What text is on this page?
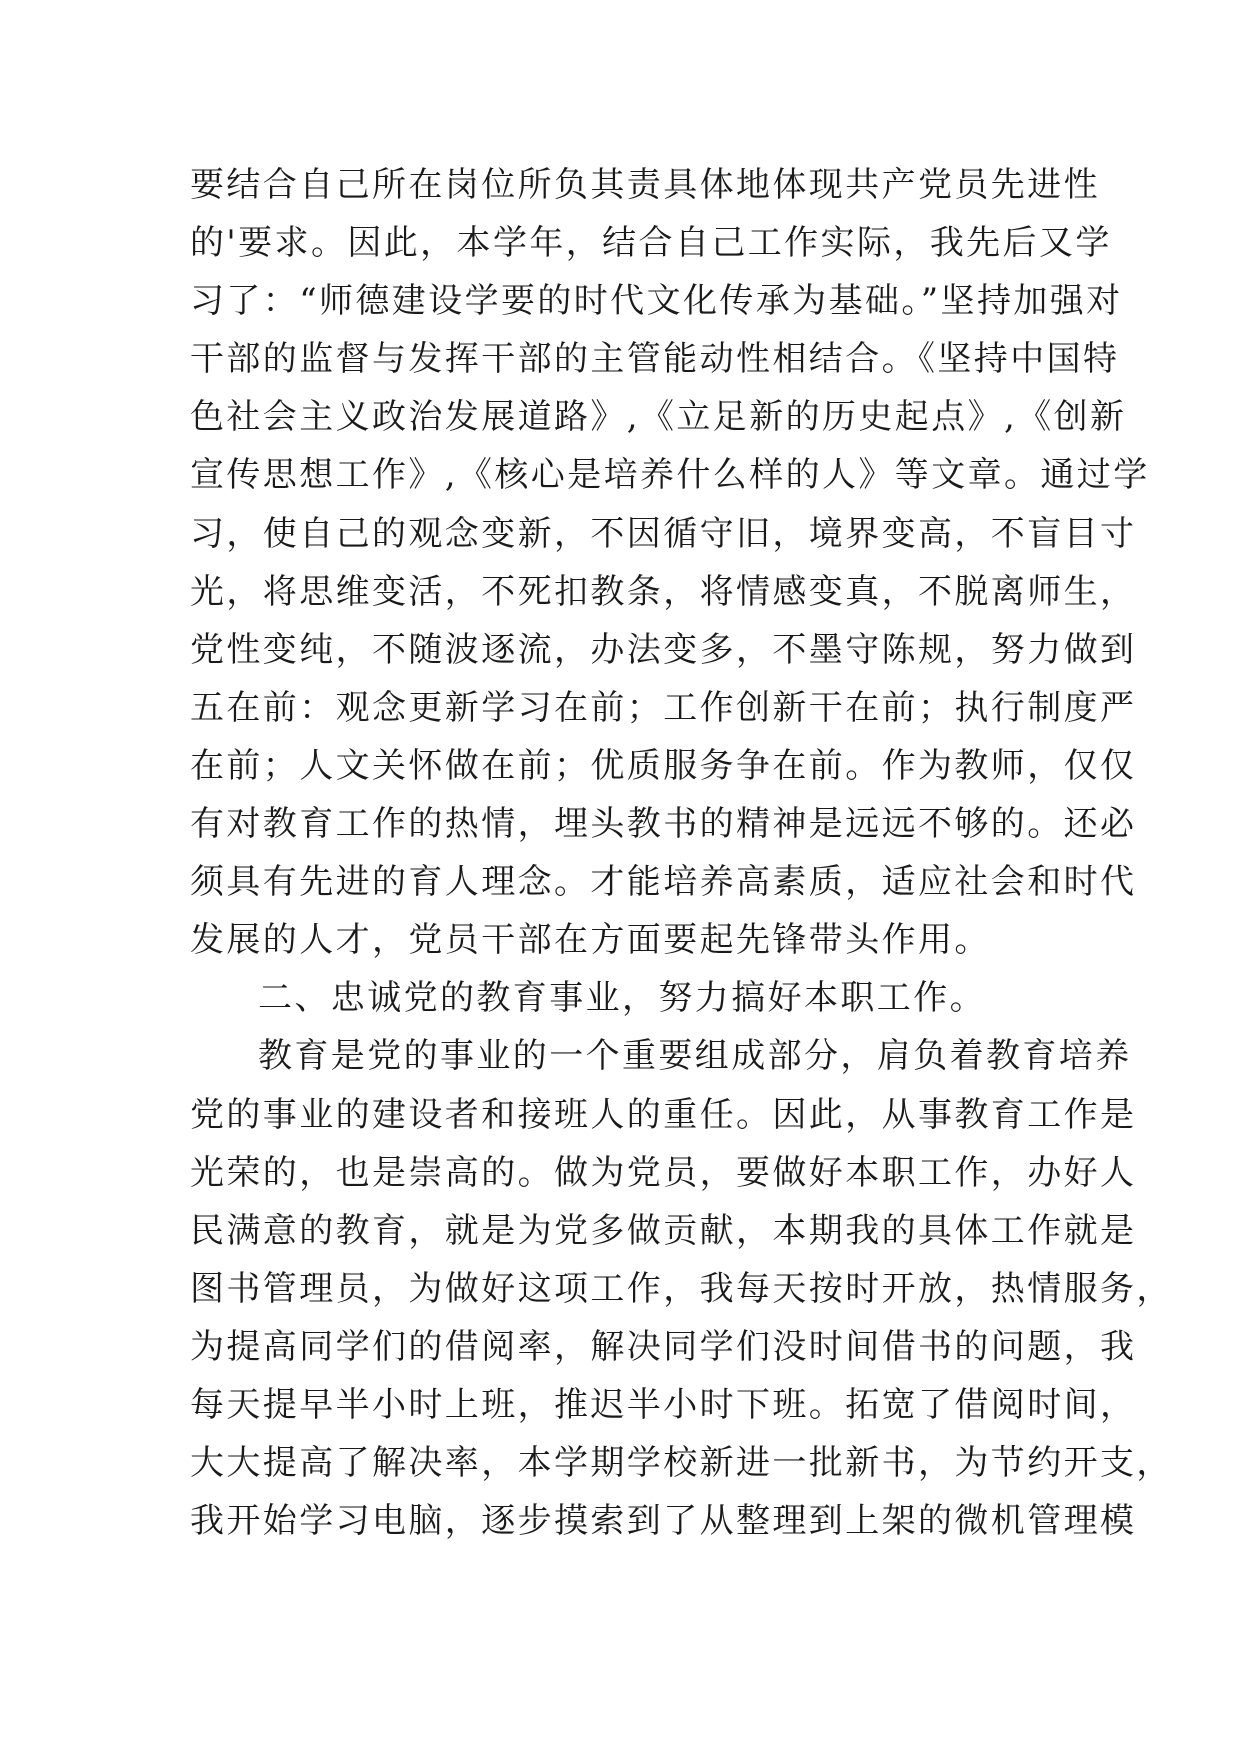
要结合自己所在岗位所负其责具体地体现共产党员先进性
的'要求。因此，本学年，结合自己工作实际，我先后又学
习了：“师德建设学要的时代文化传承为基础。”坚持加强对
干部的监督与发挥干部的主管能动性相结合。《坚持中国特
色社会主义政治发展道路》,《立足新的历史起点》,《创新
宣传思想工作》,《核心是培养什么样的人》等文章。通过学
习，使自己的观念变新，不因循守旧，境界变高，不盲目寸
光，将思维变活，不死扣教条，将情感变真，不脱离师生，
党性变纯，不随波逐流，办法变多，不墨守陈规，努力做到
五在前：观念更新学习在前；工作创新干在前；执行制度严
在前；人文关怀做在前；优质服务争在前。作为教师，仅仅
有对教育工作的热情，埋头教书的精神是远远不够的。还必
须具有先进的育人理念。才能培养高素质，适应社会和时代
发展的人才，党员干部在方面要起先锋带头作用。
二、忠诚党的教育事业，努力搞好本职工作。
教育是党的事业的一个重要组成部分，肩负着教育培养
党的事业的建设者和接班人的重任。因此，从事教育工作是
光荣的，也是崇高的。做为党员，要做好本职工作，办好人
民满意的教育，就是为党多做贡献，本期我的具体工作就是
图书管理员，为做好这项工作，我每天按时开放，热情服务，
为提高同学们的借阅率，解决同学们没时间借书的问题，我
每天提早半小时上班，推迟半小时下班。拓宽了借阅时间，
大大提高了解决率，本学期学校新进一批新书，为节约开支，
我开始学习电脑，逐步摸索到了从整理到上架的微机管理模
